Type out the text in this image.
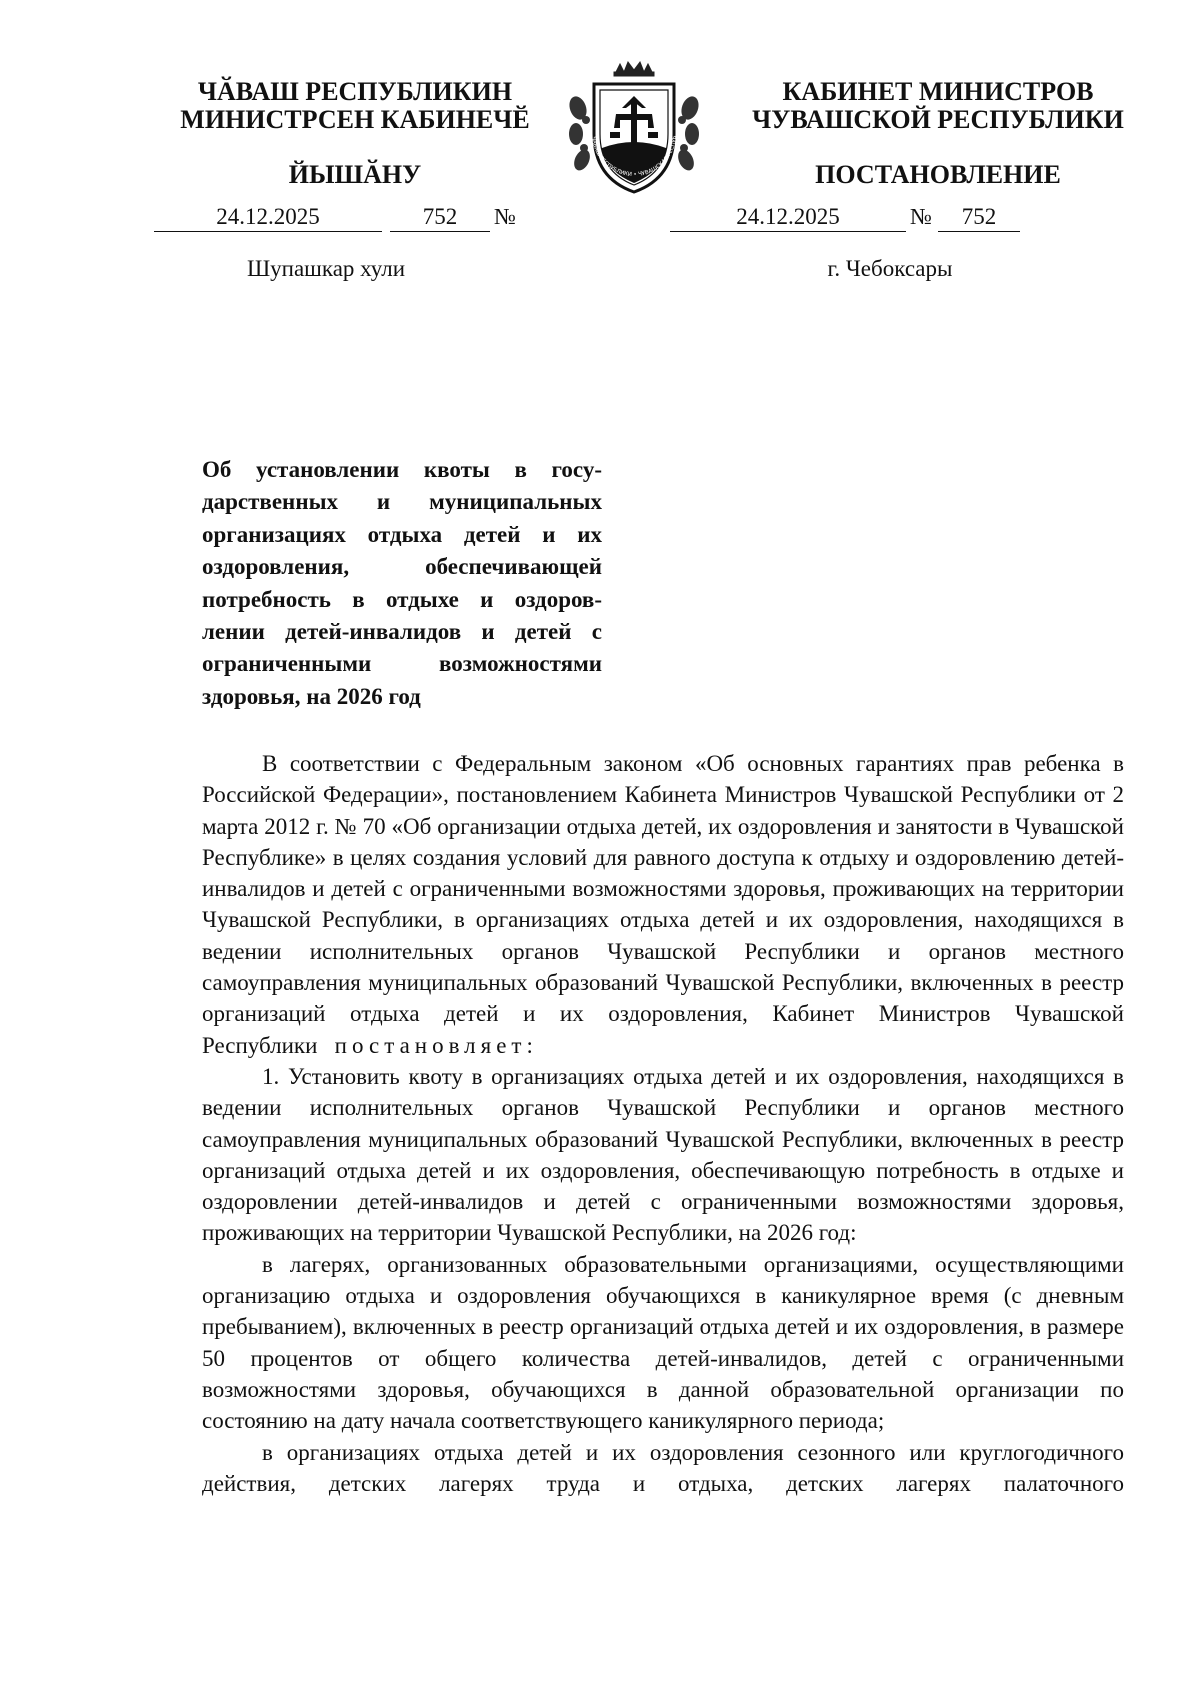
ЧӐВАШ РЕСПУБЛИКИН
МИНИСТРСЕН КАБИНЕЧӖ
ЙЫШӐНУ
КАБИНЕТ МИНИСТРОВ
ЧУВАШСКОЙ РЕСПУБЛИКИ
ПОСТАНОВЛЕНИЕ
ЧӐВАШ РЕСПУБЛИКИ • ЧУВАШСКАЯ РЕСПУБ
24.12.2025	752	№	24.12.2025	№	752
Шупашкар хули	г. Чебоксары
Об установлении квоты в госу-
дарственных и муниципальных
организациях отдыха детей и их
оздоровления, обеспечивающей
потребность в отдыхе и оздоров-
лении детей-инвалидов и детей с
ограниченными возможностями
здоровья, на 2026 год

В соответствии с Федеральным законом «Об основных гарантиях прав ребенка в Российской Федерации», постановлением Кабинета Министров Чувашской Республики от 2 марта 2012 г. № 70 «Об организации отдыха детей, их оздоровления и занятости в Чувашской Республике» в целях создания условий для равного доступа к отдыху и оздоровлению детей-инвалидов и детей с ограниченными возможностями здоровья, проживающих на территории Чувашской Республики, в организациях отдыха детей и их оздоровления, находящихся в ведении исполнительных органов Чувашской Республики и органов местного самоуправления муниципальных образований Чувашской Республики, включенных в реестр организаций отдыха детей и их оздоровления, Кабинет Министров Чувашской Республики постановляет:

1. Установить квоту в организациях отдыха детей и их оздоровления, находящихся в ведении исполнительных органов Чувашской Республики и органов местного самоуправления муниципальных образований Чувашской Республики, включенных в реестр организаций отдыха детей и их оздоровления, обеспечивающую потребность в отдыхе и оздоровлении детей-инвалидов и детей с ограниченными возможностями здоровья, проживающих на территории Чувашской Республики, на 2026 год:

в лагерях, организованных образовательными организациями, осуществляющими организацию отдыха и оздоровления обучающихся в каникулярное время (с дневным пребыванием), включенных в реестр организаций отдыха детей и их оздоровления, в размере 50 процентов от общего количества детей-инвалидов, детей с ограниченными возможностями здоровья, обучающихся в данной образовательной организации по состоянию на дату начала соответствующего каникулярного периода;

в организациях отдыха детей и их оздоровления сезонного или круглогодичного действия, детских лагерях труда и отдыха, детских лагерях палаточного
